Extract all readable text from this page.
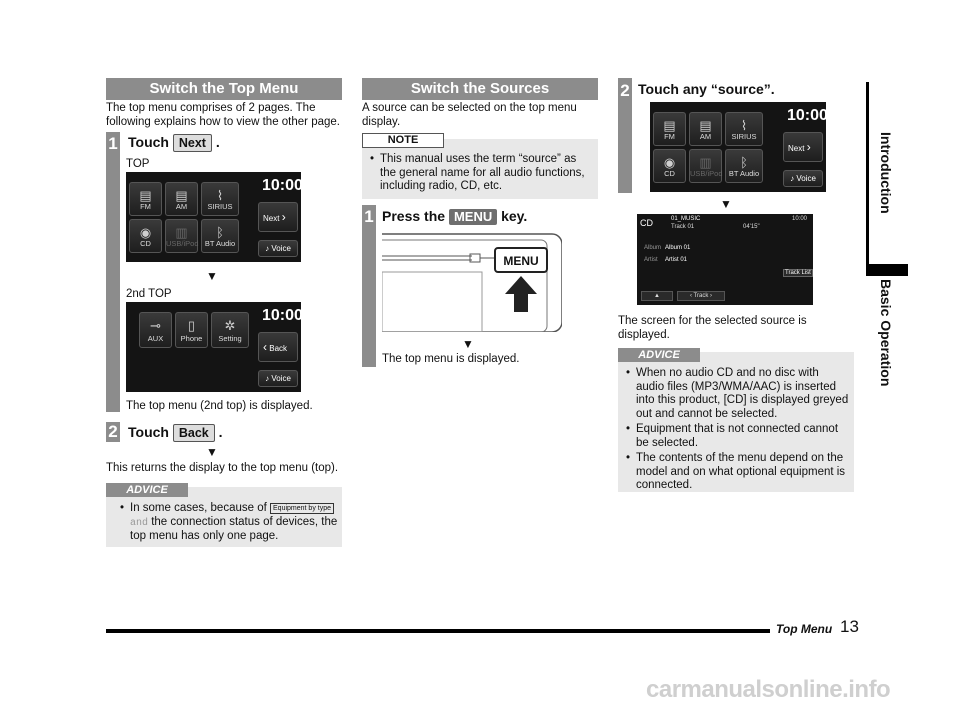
Switch the Top Menu
The top menu comprises of 2 pages. The following explains how to view the other page.
1 Touch Next .
TOP
▤
FM
▤
AM
⌇
SIRIUS
◉
CD
▥
USB/iPod
ᛒ
BT Audio
10:00
Next ›
♪ Voice
▼
2nd TOP
⊸
AUX
▯
Phone
✲
Setting
10:00
‹ Back
♪ Voice
The top menu (2nd top) is displayed.
2 Touch Back .
▼
This returns the display to the top menu (top).
ADVICE
• In some cases, because of Equipment by type and the connection status of devices, the top menu has only one page.
Switch the Sources
A source can be selected on the top menu display.
NOTE
• This manual uses the term “source” as the general name for all audio functions, including radio, CD, etc.
1 Press the MENU key.
MENU
▼
The top menu is displayed.
2 Touch any “source”.
▤
FM
▤
AM
⌇
SIRIUS
◉
CD
▥
USB/iPod
ᛒ
BT Audio
10:00
Next ›
♪ Voice
▼
CD	01_MUSIC	10:00
Track 01	04'15"
Album Album 01
Artist Artist 01
Track List
▲	‹ Track ›
The screen for the selected source is displayed.
ADVICE
• When no audio CD and no disc with audio files (MP3/WMA/AAC) is inserted into this product, [CD] is displayed greyed out and cannot be selected.
• Equipment that is not connected cannot be selected.
• The contents of the menu depend on the model and on what optional equipment is connected.
Introduction
Basic Operation
Top Menu 13
carmanualsonline.info
